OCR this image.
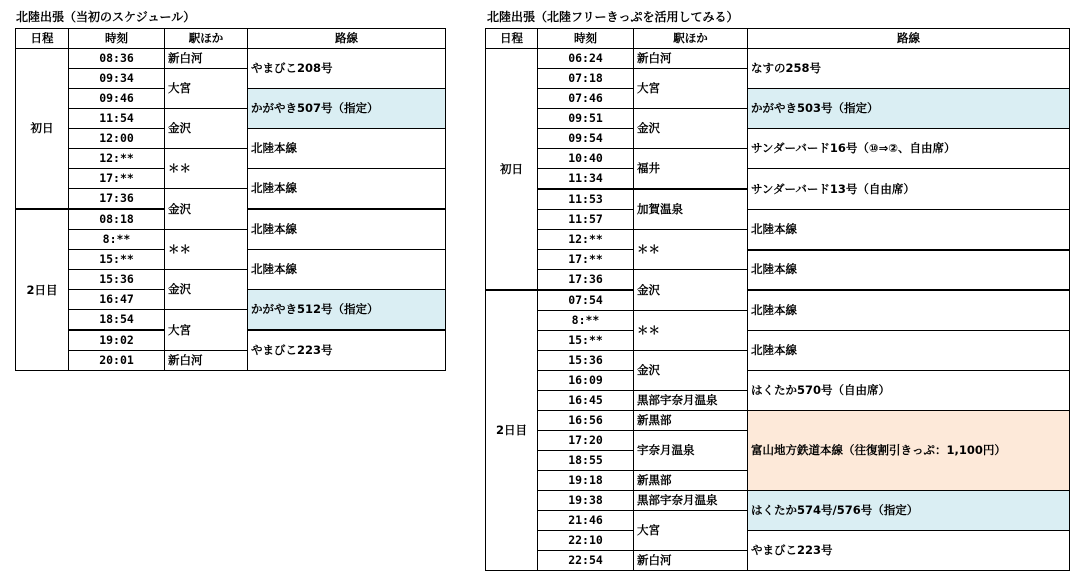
北陸出張（当初のスケジュール）
日程	時刻	駅ほか	路線
初日	08:36	新白河	やまびこ208号
	09:34	大宮	
	09:46		かがやき507号（指定）
	11:54	金沢	
	12:00		北陸本線
	12:**	＊＊	
	17:**		北陸本線
	17:36	金沢	
2日目	08:18		北陸本線
	8:**	＊＊	
	15:**		北陸本線
	15:36	金沢	
	16:47		かがやき512号（指定）
	18:54	大宮	
	19:02		やまびこ223号
	20:01	新白河	
北陸出張（北陸フリーきっぷを活用してみる）
日程	時刻	駅ほか	路線
初日	06:24	新白河	なすの258号
	07:18	大宮	
	07:46		かがやき503号（指定）
	09:51	金沢	
	09:54		サンダーバード16号（⑩⇒②、自由席）
	10:40	福井	
	11:34		サンダーバード13号（自由席）
	11:53	加賀温泉	
	11:57		北陸本線
	12:**	＊＊	
	17:**		北陸本線
	17:36	金沢	
2日目	07:54		北陸本線
	8:**	＊＊	
	15:**		北陸本線
	15:36	金沢	
	16:09		はくたか570号（自由席）
	16:45	黒部宇奈月温泉	
	16:56	新黒部	富山地方鉄道本線（往復割引きっぷ：1,100円）
	17:20	宇奈月温泉	
	18:55		
	19:18	新黒部	
	19:38	黒部宇奈月温泉	はくたか574号/576号（指定）
	21:46	大宮	
	22:10		やまびこ223号
	22:54	新白河	
